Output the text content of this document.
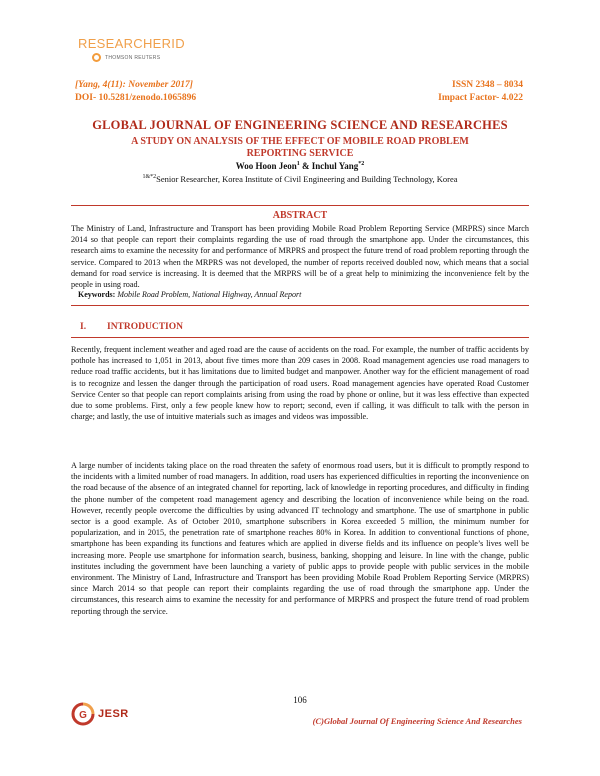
RESEARCHERID
THOMSON REUTERS
[Yang, 4(11): November 2017]
DOI- 10.5281/zenodo.1065896
ISSN 2348 – 8034
Impact Factor- 4.022
GLOBAL JOURNAL OF ENGINEERING SCIENCE AND RESEARCHES
A STUDY ON ANALYSIS OF THE EFFECT OF MOBILE ROAD PROBLEM REPORTING SERVICE
Woo Hoon Jeon$^1$ & Inchul Yang$^{*2}$
$^{1\&*2}$Senior Researcher, Korea Institute of Civil Engineering and Building Technology, Korea
ABSTRACT
The Ministry of Land, Infrastructure and Transport has been providing Mobile Road Problem Reporting Service (MRPRS) since March 2014 so that people can report their complaints regarding the use of road through the smartphone app. Under the circumstances, this research aims to examine the necessity for and performance of MRPRS and prospect the future trend of road problem reporting through the service. Compared to 2013 when the MRPRS was not developed, the number of reports received doubled now, which means that a social demand for road service is increasing. It is deemed that the MRPRS will be of a great help to minimizing the inconvenience felt by the people in using road.
Keywords: Mobile Road Problem, National Highway, Annual Report
I. INTRODUCTION
Recently, frequent inclement weather and aged road are the cause of accidents on the road. For example, the number of traffic accidents by pothole has increased to 1,051 in 2013, about five times more than 209 cases in 2008. Road management agencies use road managers to reduce road traffic accidents, but it has limitations due to limited budget and manpower. Another way for the efficient management of road is to recognize and lessen the danger through the participation of road users. Road management agencies have operated Road Customer Service Center so that people can report complaints arising from using the road by phone or online, but it was less effective than expected due to some problems. First, only a few people knew how to report; second, even if calling, it was difficult to talk with the person in charge; and lastly, the use of intuitive materials such as images and videos was impossible.
A large number of incidents taking place on the road threaten the safety of enormous road users, but it is difficult to promptly respond to the incidents with a limited number of road managers. In addition, road users has experienced difficulties in reporting the inconvenience on the road because of the absence of an integrated channel for reporting, lack of knowledge in reporting procedures, and difficulty in finding the phone number of the competent road management agency and describing the location of inconvenience while being on the road. However, recently people overcome the difficulties by using advanced IT technology and smartphone. The use of smartphone in public sector is a good example. As of October 2010, smartphone subscribers in Korea exceeded 5 million, the minimum number for popularization, and in 2015, the penetration rate of smartphone reaches 80% in Korea. In addition to conventional functions of phone, smartphone has been expanding its functions and features which are applied in diverse fields and its influence on people’s lives well be increasing more. People use smartphone for information search, business, banking, shopping and leisure. In line with the change, public institutes including the government have been launching a variety of public apps to provide people with public services in the mobile environment. The Ministry of Land, Infrastructure and Transport has been providing Mobile Road Problem Reporting Service (MRPRS) since March 2014 so that people can report their complaints regarding the use of road through the smartphone app. Under the circumstances, this research aims to examine the necessity for and performance of MRPRS and prospect the future trend of road problem reporting through the service.
106
G JESR
(C)Global Journal Of Engineering Science And Researches
